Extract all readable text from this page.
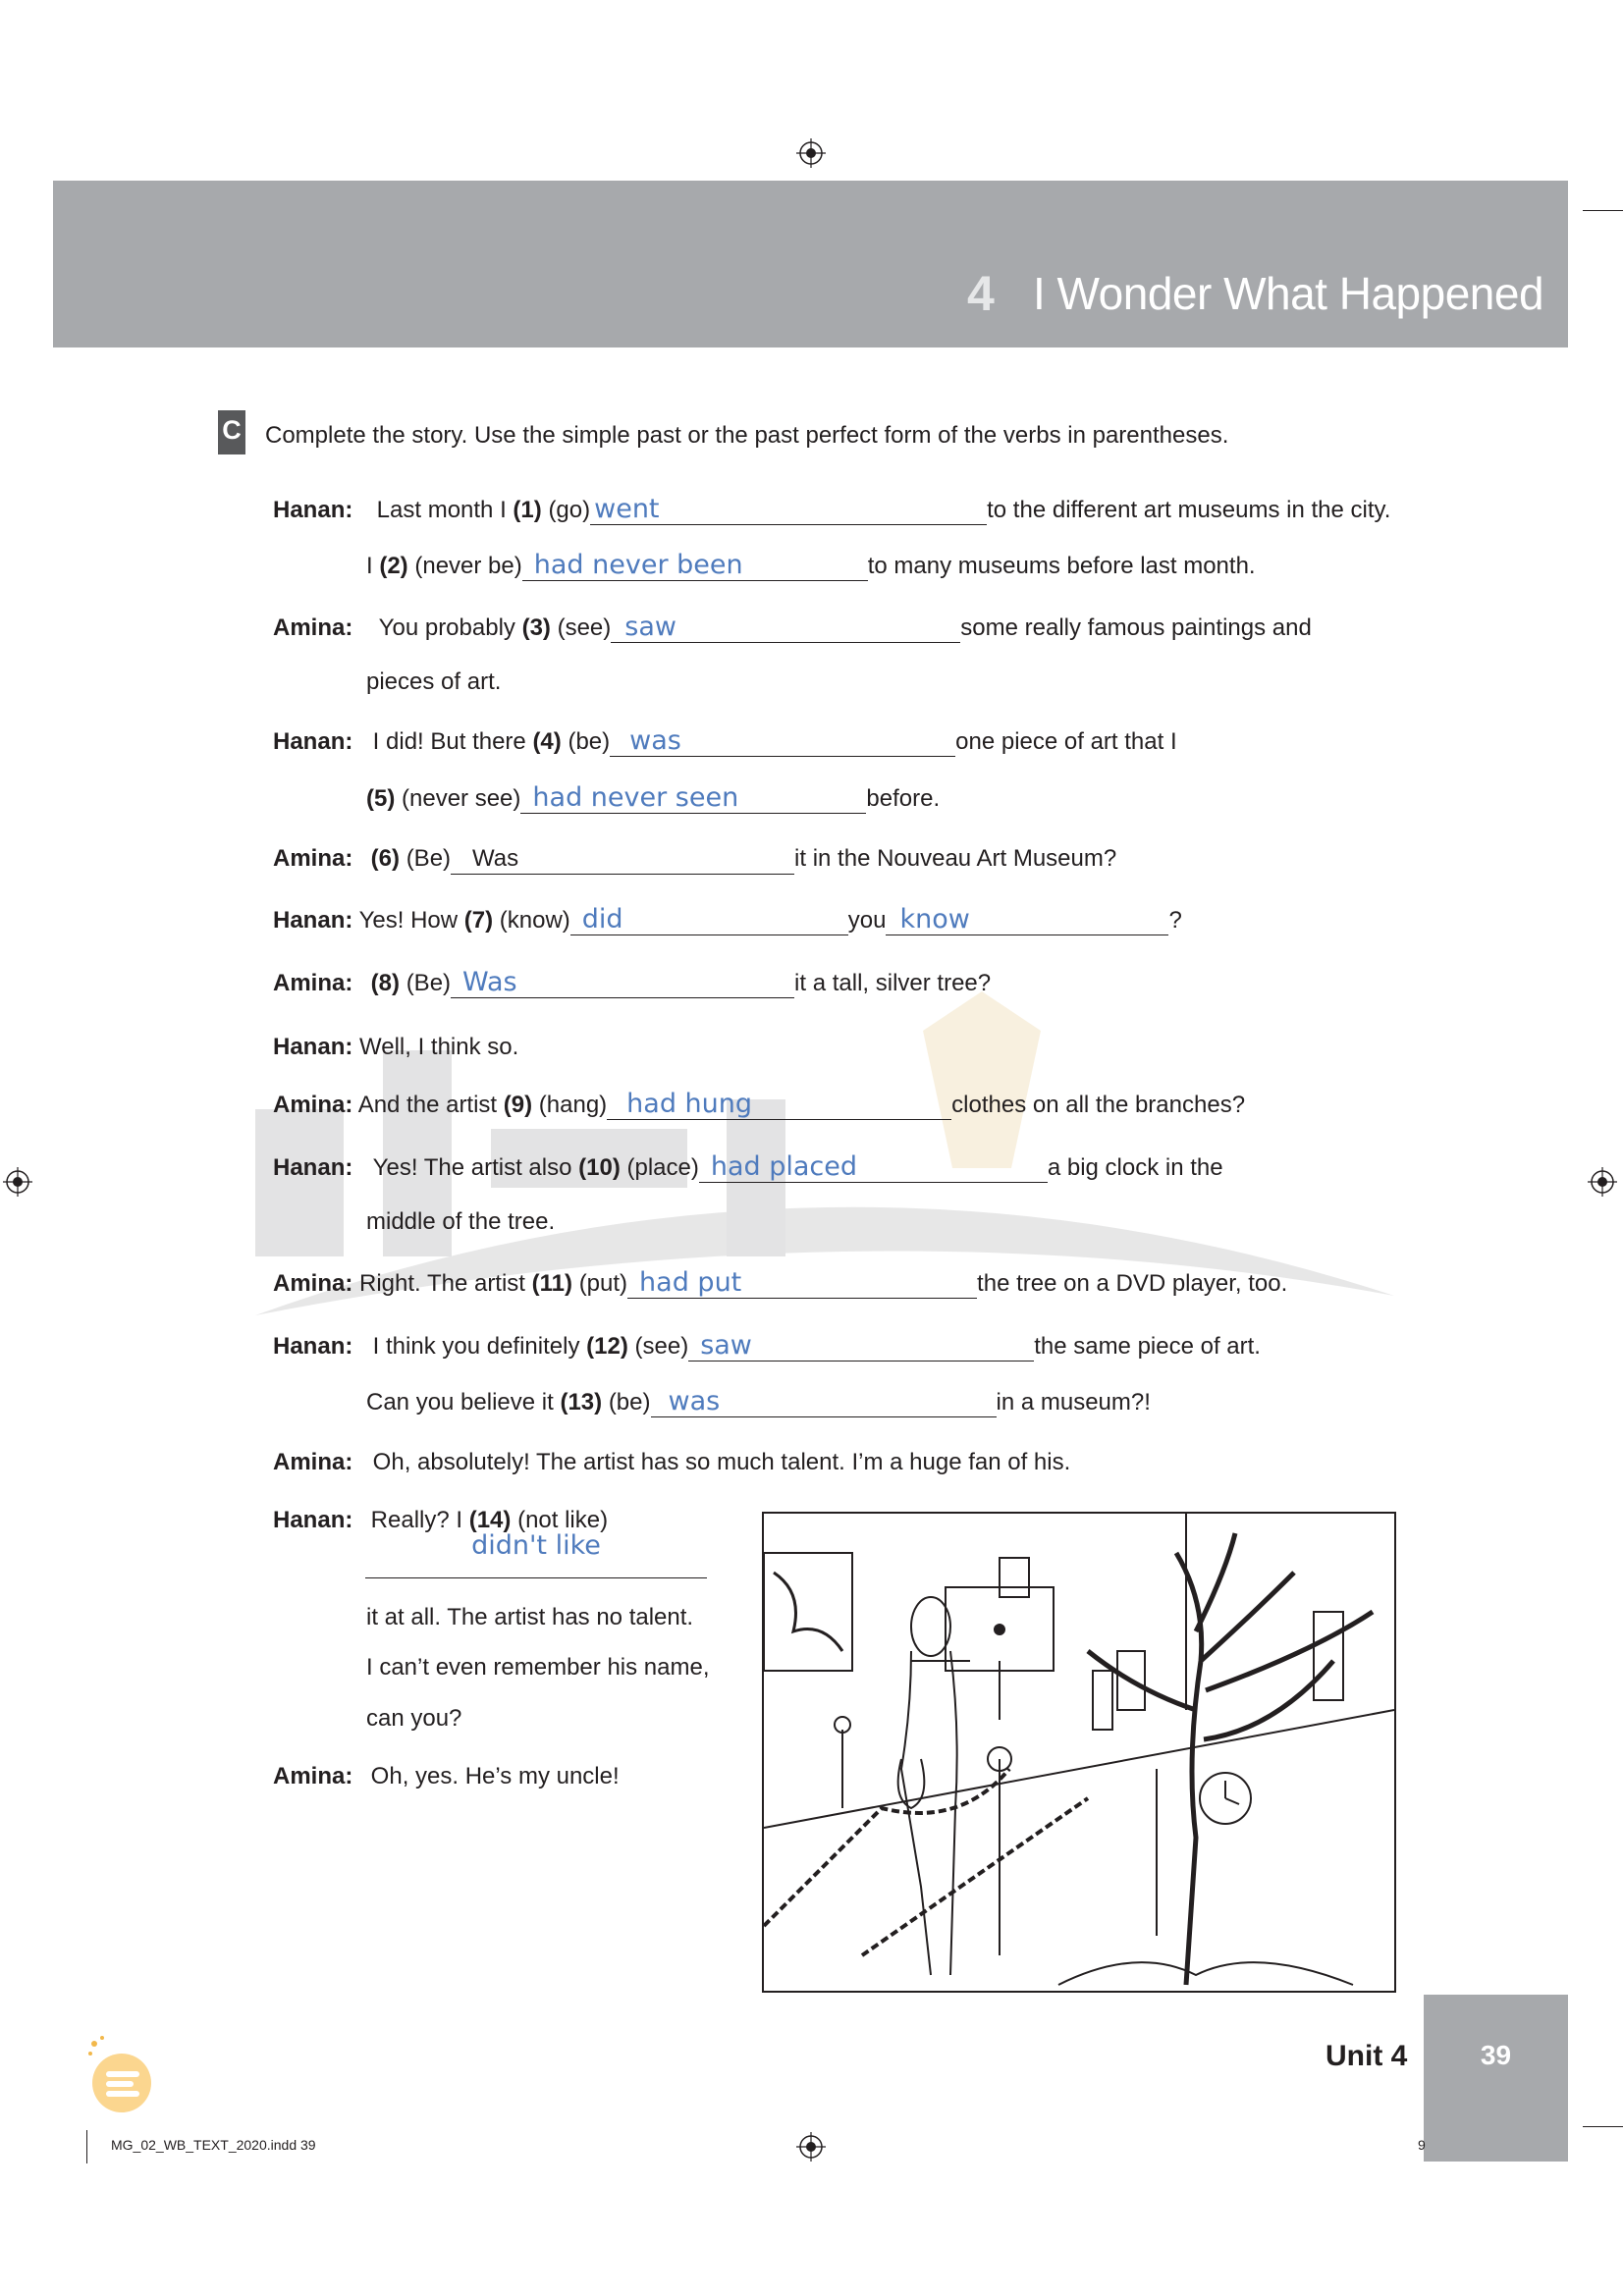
4 I Wonder What Happened
C Complete the story. Use the simple past or the past perfect form of the verbs in parentheses.
Hanan: Last month I (1) (go) went	to the different art museums in the city.
I (2) (never be) had never been	to many museums before last month.
Amina: You probably (3) (see) saw	some really famous paintings and
pieces of art.
Hanan: I did! But there (4) (be) was	one piece of art that I
(5) (never see) had never seen	before.
Amina: (6) (Be) Was	it in the Nouveau Art Museum?
Hanan: Yes! How (7) (know) did	you know	?
Amina: (8) (Be) Was	it a tall, silver tree?
Hanan: Well, I think so.
Amina: And the artist (9) (hang) had hung	clothes on all the branches?
Hanan: Yes! The artist also (10) (place) had placed	a big clock in the
middle of the tree.
Amina: Right. The artist (11) (put) had put	the tree on a DVD player, too.
Hanan: I think you definitely (12) (see) saw	the same piece of art.
Can you believe it (13) (be) was	in a museum?!
Amina: Oh, absolutely! The artist has so much talent. I’m a huge fan of his.
Hanan: Really? I (14) (not like)
didn't like
it at all. The artist has no talent.
I can’t even remember his name,
can you?
Amina: Oh, yes. He’s my uncle!
Unit 4	39
MG_02_WB_TEXT_2020.indd 39	9
